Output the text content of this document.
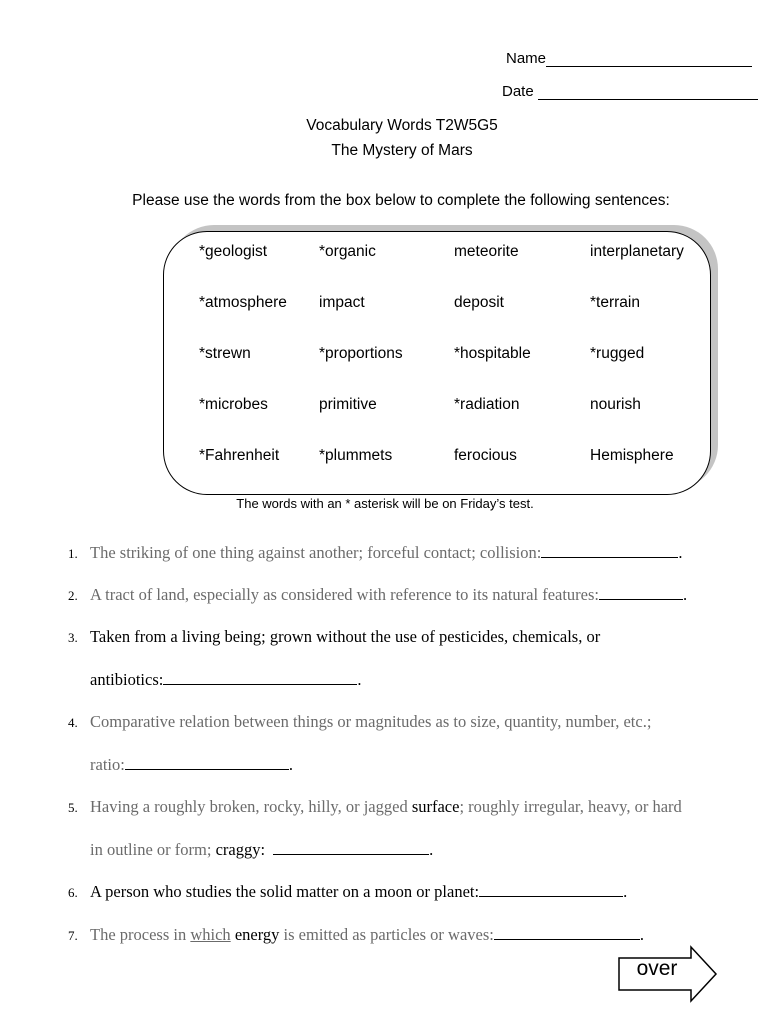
Name
Date
Vocabulary Words T2W5G5
The Mystery of Mars
Please use the words from the box below to complete the following sentences:
*geologist	*organic	meteorite	interplanetary
*atmosphere impact	deposit	*terrain
*strewn	*proportions	*hospitable	*rugged
*microbes	primitive	*radiation	nourish
*Fahrenheit	*plummets	ferocious	Hemisphere
The words with an * asterisk will be on Friday’s test.
1. The striking of one thing against another; forceful contact; collision:	.
2. A tract of land, especially as considered with reference to its natural features:	.
3. Taken from a living being; grown without the use of pesticides, chemicals, or
antibiotics:	.
4. Comparative relation between things or magnitudes as to size, quantity, number, etc.;
ratio:	.
5. Having a roughly broken, rocky, hilly, or jagged surface; roughly irregular, heavy, or hard
in outline or form; craggy:	.
6. A person who studies the solid matter on a moon or planet:	.
7. The process in which energy is emitted as particles or waves:	.
over
